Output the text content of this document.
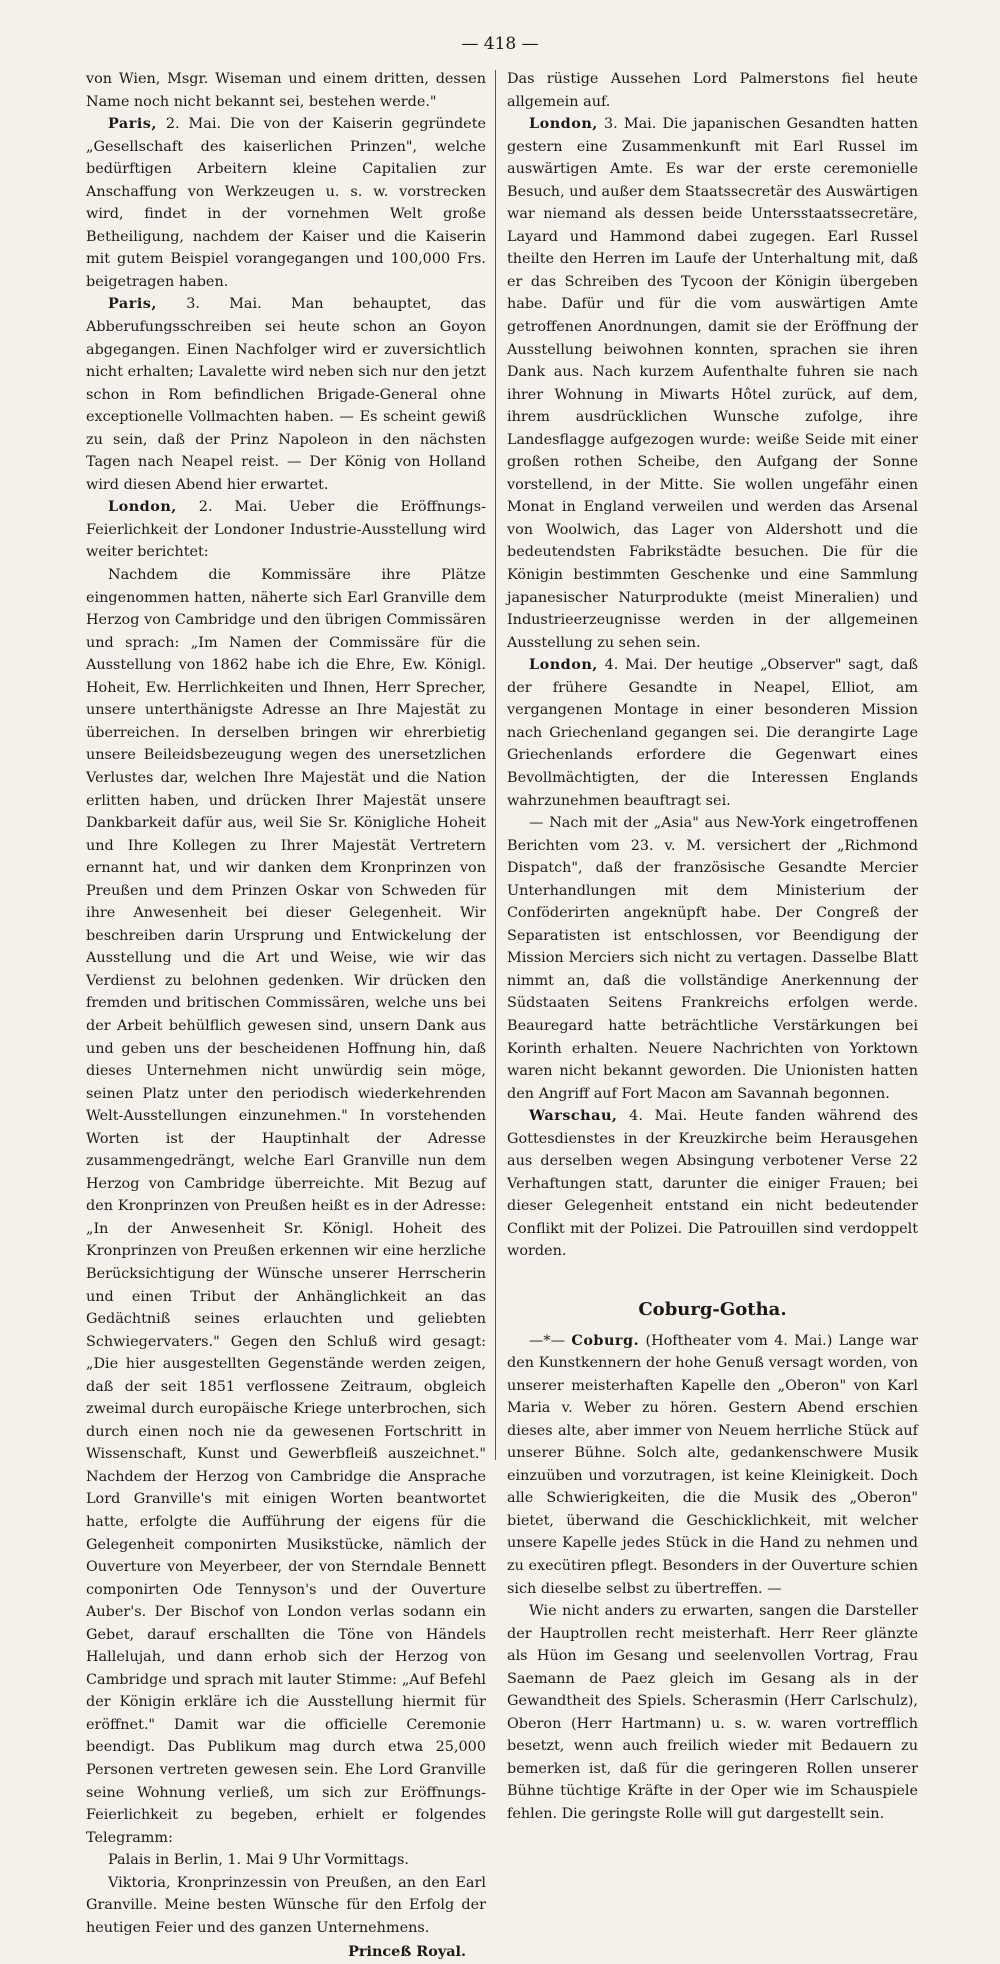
— 418 —

von Wien, Msgr. Wiseman und einem dritten, dessen Name noch nicht bekannt sei, bestehen werde."

Paris, 2. Mai. Die von der Kaiserin gegründete „Gesellschaft des kaiserlichen Prinzen", welche bedürftigen Arbeitern kleine Capitalien zur Anschaffung von Werkzeugen u. s. w. vorstrecken wird, findet in der vornehmen Welt große Betheiligung, nachdem der Kaiser und die Kaiserin mit gutem Beispiel vorangegangen und 100,000 Frs. beigetragen haben.

Paris, 3. Mai. Man behauptet, das Abberufungsschreiben sei heute schon an Goyon abgegangen. Einen Nachfolger wird er zuversichtlich nicht erhalten; Lavalette wird neben sich nur den jetzt schon in Rom befindlichen Brigade-General ohne exceptionelle Vollmachten haben. — Es scheint gewiß zu sein, daß der Prinz Napoleon in den nächsten Tagen nach Neapel reist. — Der König von Holland wird diesen Abend hier erwartet.

London, 2. Mai. Ueber die Eröffnungs-Feierlichkeit der Londoner Industrie-Ausstellung wird weiter berichtet:

Nachdem die Kommissäre ihre Plätze eingenommen hatten, näherte sich Earl Granville dem Herzog von Cambridge und den übrigen Commissären und sprach: „Im Namen der Commissäre für die Ausstellung von 1862 habe ich die Ehre, Ew. Königl. Hoheit, Ew. Herrlichkeiten und Ihnen, Herr Sprecher, unsere unterthänigste Adresse an Ihre Majestät zu überreichen. In derselben bringen wir ehrerbietig unsere Beileidsbezeugung wegen des unersetzlichen Verlustes dar, welchen Ihre Majestät und die Nation erlitten haben, und drücken Ihrer Majestät unsere Dankbarkeit dafür aus, weil Sie Sr. Königliche Hoheit und Ihre Kollegen zu Ihrer Majestät Vertretern ernannt hat, und wir danken dem Kronprinzen von Preußen und dem Prinzen Oskar von Schweden für ihre Anwesenheit bei dieser Gelegenheit. Wir beschreiben darin Ursprung und Entwickelung der Ausstellung und die Art und Weise, wie wir das Verdienst zu belohnen gedenken. Wir drücken den fremden und britischen Commissären, welche uns bei der Arbeit behülflich gewesen sind, unsern Dank aus und geben uns der bescheidenen Hoffnung hin, daß dieses Unternehmen nicht unwürdig sein möge, seinen Platz unter den periodisch wiederkehrenden Welt-Ausstellungen einzunehmen." In vorstehenden Worten ist der Hauptinhalt der Adresse zusammengedrängt, welche Earl Granville nun dem Herzog von Cambridge überreichte. Mit Bezug auf den Kronprinzen von Preußen heißt es in der Adresse: „In der Anwesenheit Sr. Königl. Hoheit des Kronprinzen von Preußen erkennen wir eine herzliche Berücksichtigung der Wünsche unserer Herrscherin und einen Tribut der Anhänglichkeit an das Gedächtniß seines erlauchten und geliebten Schwiegervaters." Gegen den Schluß wird gesagt: „Die hier ausgestellten Gegenstände werden zeigen, daß der seit 1851 verflossene Zeitraum, obgleich zweimal durch europäische Kriege unterbrochen, sich durch einen noch nie da gewesenen Fortschritt in Wissenschaft, Kunst und Gewerbfleiß auszeichnet." Nachdem der Herzog von Cambridge die Ansprache Lord Granville's mit einigen Worten beantwortet hatte, erfolgte die Aufführung der eigens für die Gelegenheit componirten Musikstücke, nämlich der Ouverture von Meyerbeer, der von Sterndale Bennett componirten Ode Tennyson's und der Ouverture Auber's. Der Bischof von London verlas sodann ein Gebet, darauf erschallten die Töne von Händels Hallelujah, und dann erhob sich der Herzog von Cambridge und sprach mit lauter Stimme: „Auf Befehl der Königin erkläre ich die Ausstellung hiermit für eröffnet." Damit war die officielle Ceremonie beendigt. Das Publikum mag durch etwa 25,000 Personen vertreten gewesen sein. Ehe Lord Granville seine Wohnung verließ, um sich zur Eröffnungs-Feierlichkeit zu begeben, erhielt er folgendes Telegramm:

Palais in Berlin, 1. Mai 9 Uhr Vormittags.

Viktoria, Kronprinzessin von Preußen, an den Earl Granville. Meine besten Wünsche für den Erfolg der heutigen Feier und des ganzen Unternehmens.

Princeß Royal.

Das rüstige Aussehen Lord Palmerstons fiel heute allgemein auf.

London, 3. Mai. Die japanischen Gesandten hatten gestern eine Zusammenkunft mit Earl Russel im auswärtigen Amte. Es war der erste ceremonielle Besuch, und außer dem Staatssecretär des Auswärtigen war niemand als dessen beide Untersstaatssecretäre, Layard und Hammond dabei zugegen. Earl Russel theilte den Herren im Laufe der Unterhaltung mit, daß er das Schreiben des Tycoon der Königin übergeben habe. Dafür und für die vom auswärtigen Amte getroffenen Anordnungen, damit sie der Eröffnung der Ausstellung beiwohnen konnten, sprachen sie ihren Dank aus. Nach kurzem Aufenthalte fuhren sie nach ihrer Wohnung in Miwarts Hôtel zurück, auf dem, ihrem ausdrücklichen Wunsche zufolge, ihre Landesflagge aufgezogen wurde: weiße Seide mit einer großen rothen Scheibe, den Aufgang der Sonne vorstellend, in der Mitte. Sie wollen ungefähr einen Monat in England verweilen und werden das Arsenal von Woolwich, das Lager von Aldershott und die bedeutendsten Fabrikstädte besuchen. Die für die Königin bestimmten Geschenke und eine Sammlung japanesischer Naturprodukte (meist Mineralien) und Industrieerzeugnisse werden in der allgemeinen Ausstellung zu sehen sein.

London, 4. Mai. Der heutige „Observer" sagt, daß der frühere Gesandte in Neapel, Elliot, am vergangenen Montage in einer besonderen Mission nach Griechenland gegangen sei. Die derangirte Lage Griechenlands erfordere die Gegenwart eines Bevollmächtigten, der die Interessen Englands wahrzunehmen beauftragt sei.

— Nach mit der „Asia" aus New-York eingetroffenen Berichten vom 23. v. M. versichert der „Richmond Dispatch", daß der französische Gesandte Mercier Unterhandlungen mit dem Ministerium der Conföderirten angeknüpft habe. Der Congreß der Separatisten ist entschlossen, vor Beendigung der Mission Merciers sich nicht zu vertagen. Dasselbe Blatt nimmt an, daß die vollständige Anerkennung der Südstaaten Seitens Frankreichs erfolgen werde. Beauregard hatte beträchtliche Verstärkungen bei Korinth erhalten. Neuere Nachrichten von Yorktown waren nicht bekannt geworden. Die Unionisten hatten den Angriff auf Fort Macon am Savannah begonnen.

Warschau, 4. Mai. Heute fanden während des Gottesdienstes in der Kreuzkirche beim Herausgehen aus derselben wegen Absingung verbotener Verse 22 Verhaftungen statt, darunter die einiger Frauen; bei dieser Gelegenheit entstand ein nicht bedeutender Conflikt mit der Polizei. Die Patrouillen sind verdoppelt worden.

Coburg-Gotha.

—*— Coburg. (Hoftheater vom 4. Mai.) Lange war den Kunstkennern der hohe Genuß versagt worden, von unserer meisterhaften Kapelle den „Oberon" von Karl Maria v. Weber zu hören. Gestern Abend erschien dieses alte, aber immer von Neuem herrliche Stück auf unserer Bühne. Solch alte, gedankenschwere Musik einzuüben und vorzutragen, ist keine Kleinigkeit. Doch alle Schwierigkeiten, die die Musik des „Oberon" bietet, überwand die Geschicklichkeit, mit welcher unsere Kapelle jedes Stück in die Hand zu nehmen und zu execütiren pflegt. Besonders in der Ouverture schien sich dieselbe selbst zu übertreffen. —

Wie nicht anders zu erwarten, sangen die Darsteller der Hauptrollen recht meisterhaft. Herr Reer glänzte als Hüon im Gesang und seelenvollen Vortrag, Frau Saemann de Paez gleich im Gesang als in der Gewandtheit des Spiels. Scherasmin (Herr Carlschulz), Oberon (Herr Hartmann) u. s. w. waren vortrefflich besetzt, wenn auch freilich wieder mit Bedauern zu bemerken ist, daß für die geringeren Rollen unserer Bühne tüchtige Kräfte in der Oper wie im Schauspiele fehlen. Die geringste Rolle will gut dargestellt sein.
